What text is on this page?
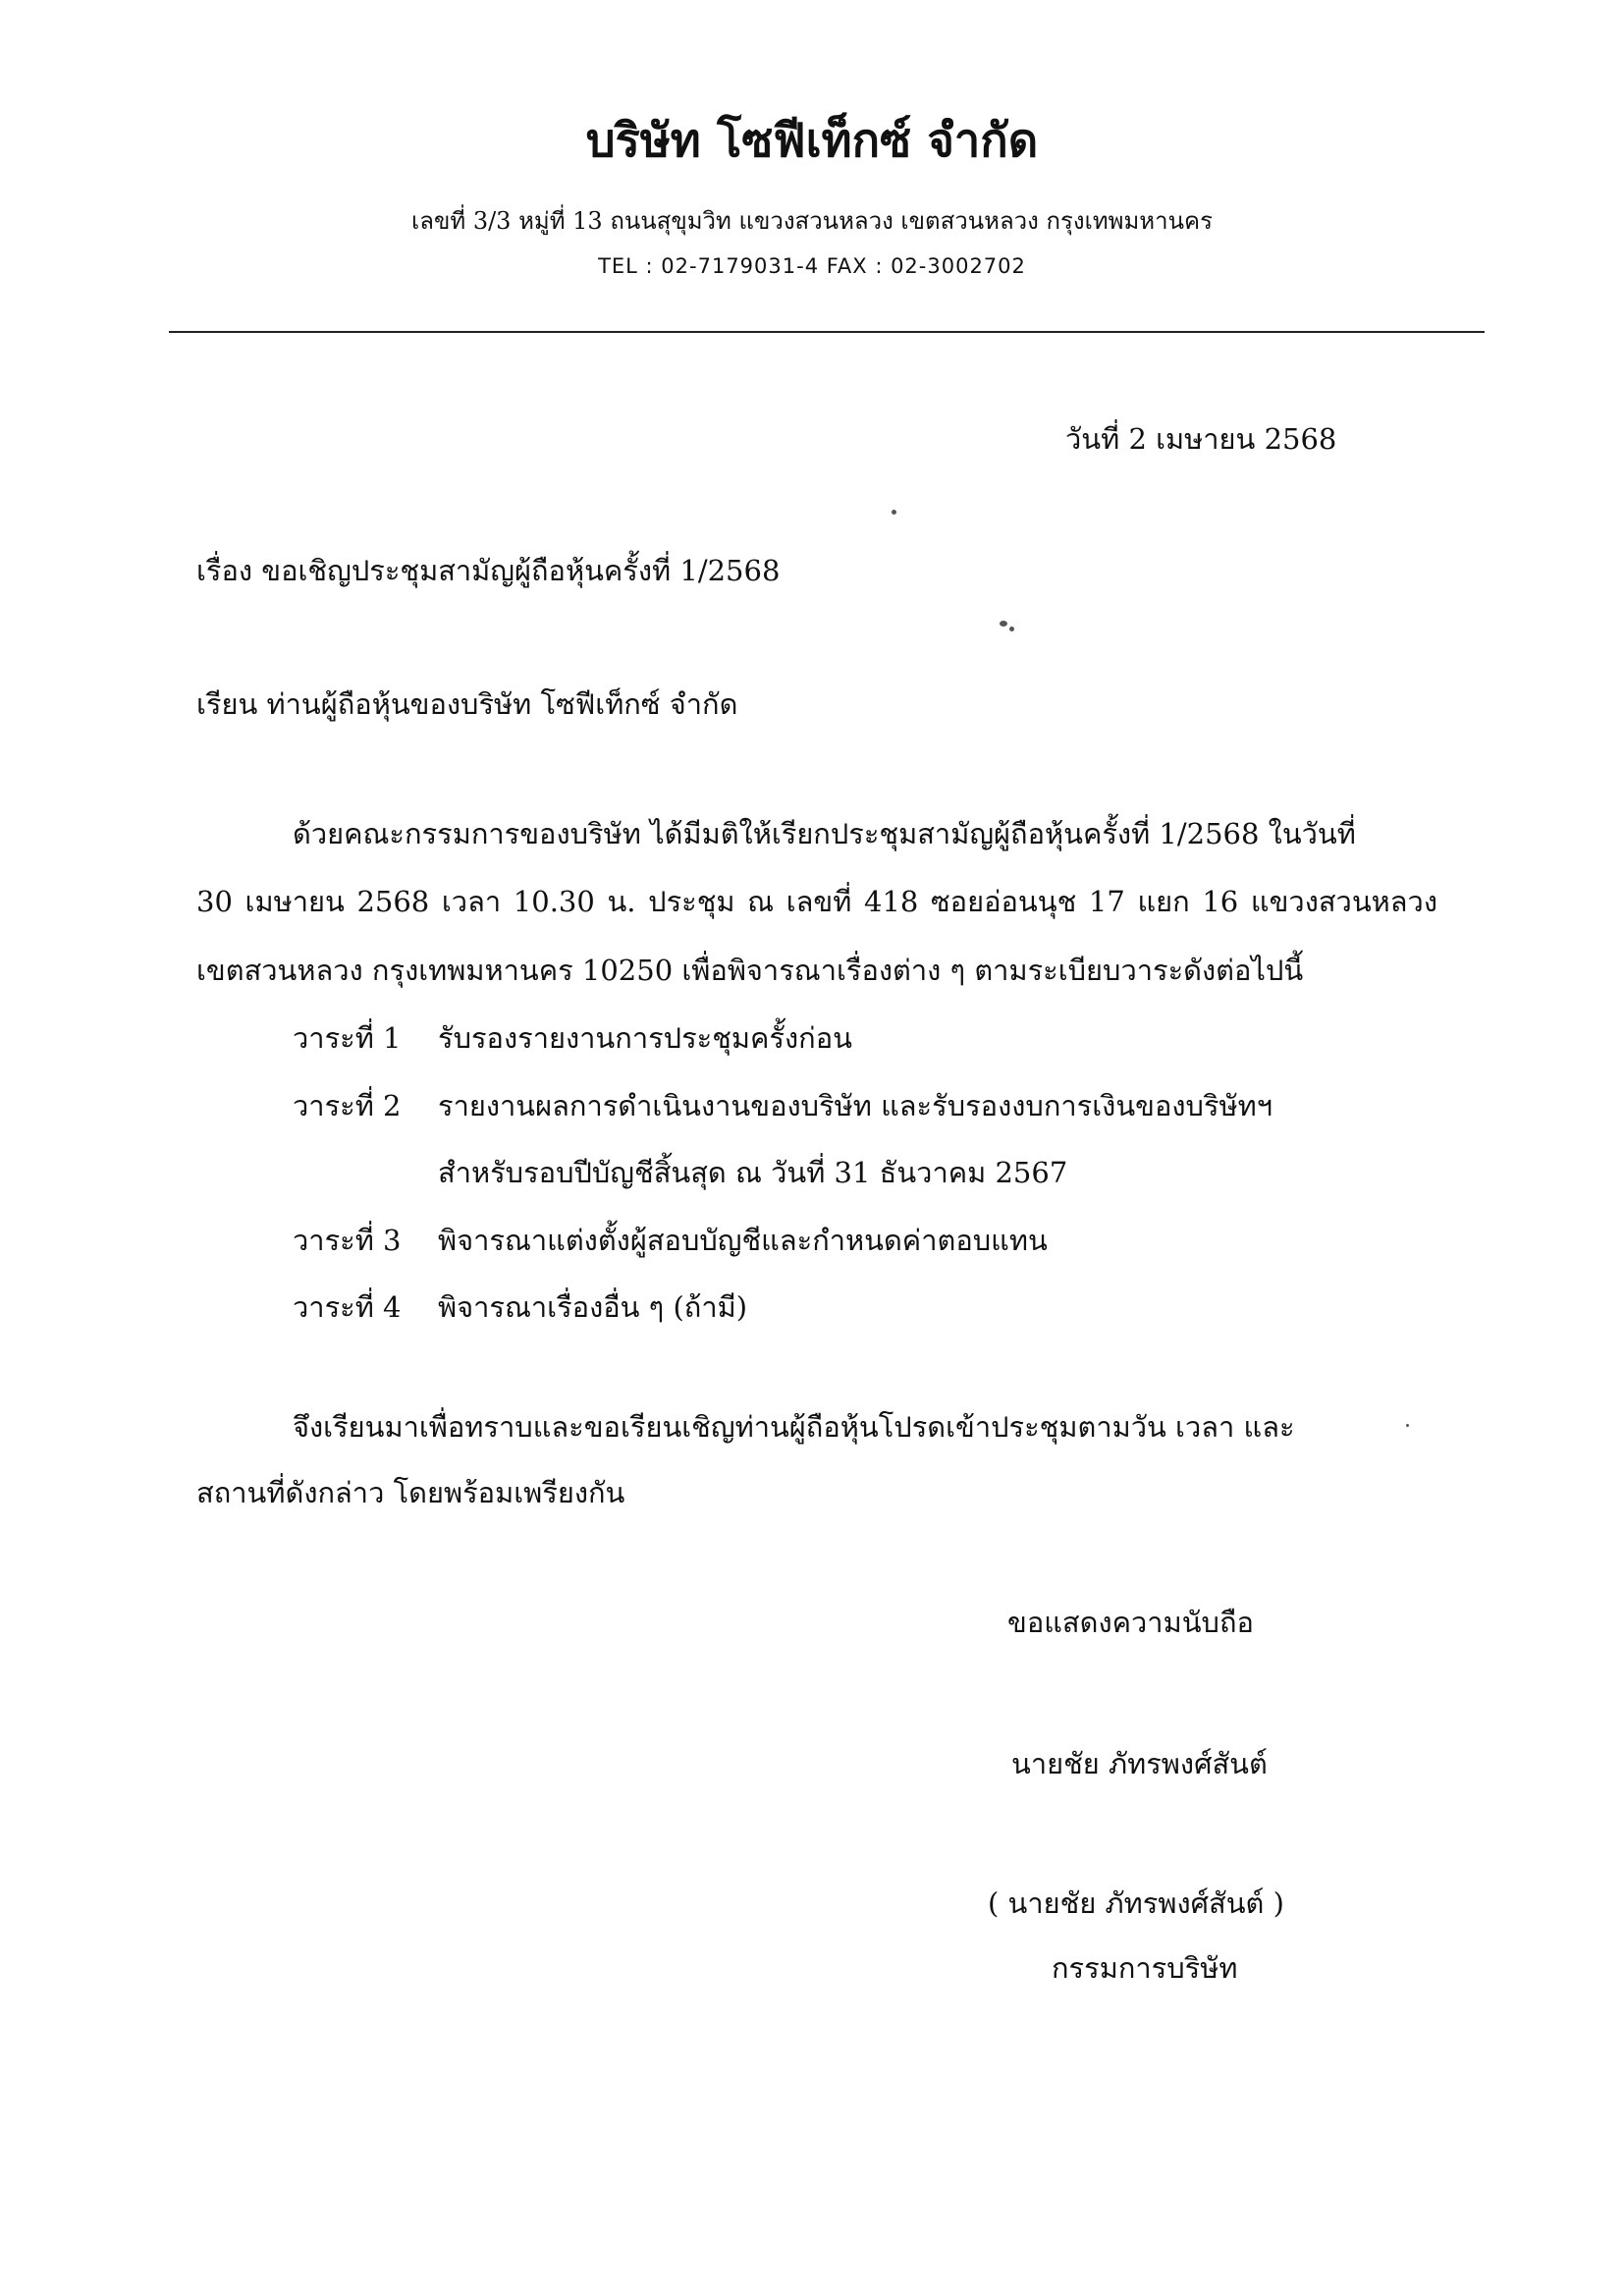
บริษัท โซฟีเท็กซ์ จำกัด
เลขที่ 3/3 หมู่ที่ 13 ถนนสุขุมวิท แขวงสวนหลวง เขตสวนหลวง กรุงเทพมหานคร
TEL : 02-7179031-4 FAX : 02-3002702
วันที่ 2 เมษายน 2568
เรื่อง ขอเชิญประชุมสามัญผู้ถือหุ้นครั้งที่ 1/2568
เรียน ท่านผู้ถือหุ้นของบริษัท โซฟีเท็กซ์ จำกัด
ด้วยคณะกรรมการของบริษัท ได้มีมติให้เรียกประชุมสามัญผู้ถือหุ้นครั้งที่ 1/2568 ในวันที่
30 เมษายน 2568 เวลา 10.30 น. ประชุม ณ เลขที่ 418 ซอยอ่อนนุช 17 แยก 16 แขวงสวนหลวง
เขตสวนหลวง กรุงเทพมหานคร 10250 เพื่อพิจารณาเรื่องต่าง ๆ ตามระเบียบวาระดังต่อไปนี้
วาระที่ 1 รับรองรายงานการประชุมครั้งก่อน
วาระที่ 2 รายงานผลการดำเนินงานของบริษัท และรับรองงบการเงินของบริษัทฯ
สำหรับรอบปีบัญชีสิ้นสุด ณ วันที่ 31 ธันวาคม 2567
วาระที่ 3 พิจารณาแต่งตั้งผู้สอบบัญชีและกำหนดค่าตอบแทน
วาระที่ 4 พิจารณาเรื่องอื่น ๆ (ถ้ามี)
จึงเรียนมาเพื่อทราบและขอเรียนเชิญท่านผู้ถือหุ้นโปรดเข้าประชุมตามวัน เวลา และ
สถานที่ดังกล่าว โดยพร้อมเพรียงกัน
ขอแสดงความนับถือ
นายชัย ภัทรพงศ์สันต์
( นายชัย ภัทรพงศ์สันต์ )
กรรมการบริษัท
